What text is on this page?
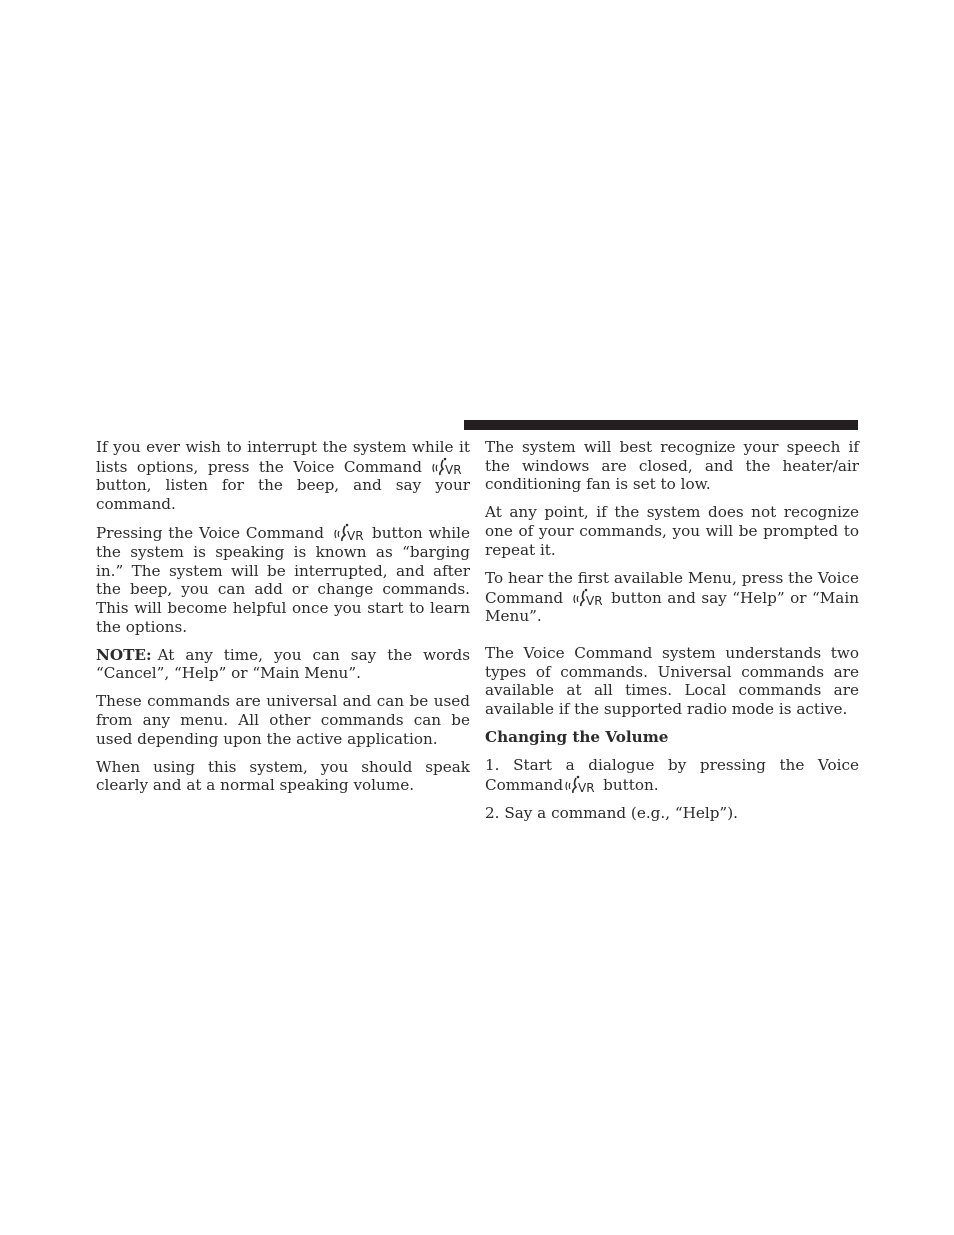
If you ever wish to interrupt the system while it lists options, press the Voice Command VR
button, listen for the beep, and say your command.

Pressing the Voice Command VR button while the system is speaking is known as “barging in.” The system will be interrupted, and after the beep, you can add or change commands. This will become helpful once you start to learn the options.

NOTE: At any time, you can say the words “Cancel”, “Help” or “Main Menu”.

These commands are universal and can be used from any menu. All other commands can be used depending upon the active application.

When using this system, you should speak clearly and at a normal speaking volume.

The system will best recognize your speech if the windows are closed, and the heater/air conditioning fan is set to low.

At any point, if the system does not recognize one of your commands, you will be prompted to repeat it.

To hear the first available Menu, press the Voice Command VR button and say “Help” or “Main Menu”.

The Voice Command system understands two types of commands. Universal commands are available at all times. Local commands are available if the supported radio mode is active.

Changing the Volume

1. Start a dialogue by pressing the Voice Command VR button.

2. Say a command (e.g., “Help”).
